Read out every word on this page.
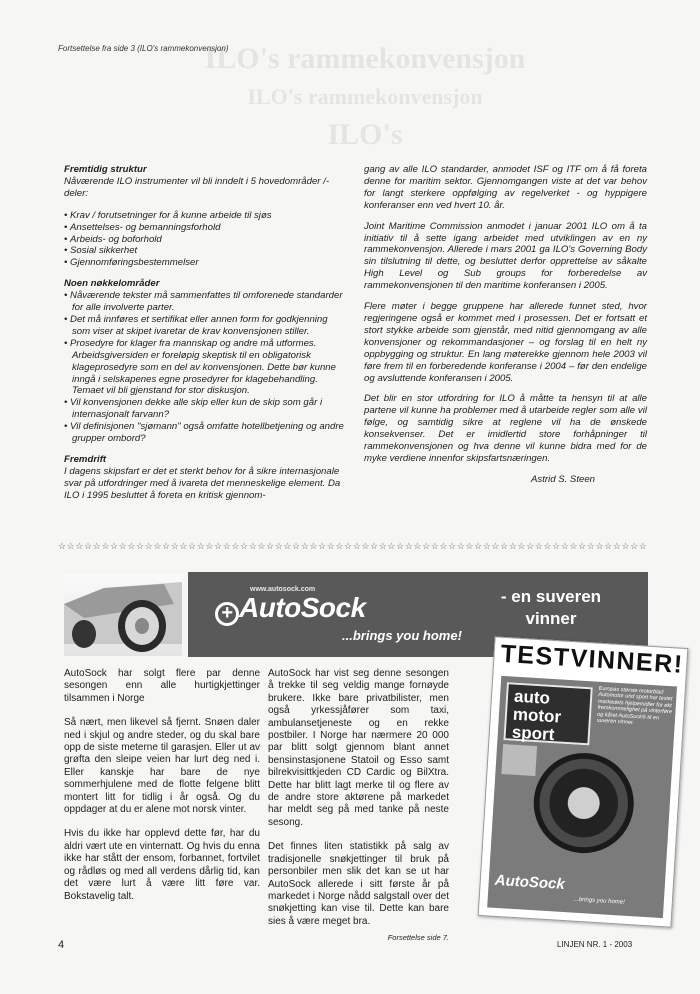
Fortsettelse fra side 3 (ILO's rammekonvensjon)
ILO's rammekonvensjon
ILO's rammekonvensjon
ILO's
Fremtidig struktur

Nåværende ILO instrumenter vil bli inndelt i 5 hovedområder /-deler:

• Krav / forutsetninger for å kunne arbeide til sjøs
• Ansettelses- og bemanningsforhold
• Arbeids- og boforhold
• Sosial sikkerhet
• Gjennomføringsbestemmelser
Noen nøkkelområder
• Nåværende tekster må sammenfattes til omforenede standarder for alle involverte parter.
• Det må innføres et sertifikat eller annen form for godkjenning som viser at skipet ivaretar de krav konvensjonen stiller.
• Prosedyre for klager fra mannskap og andre må utformes. Arbeidsgiversiden er foreløpig skeptisk til en obligatorisk klageprosedyre som en del av konvensjonen. Dette bør kunne inngå i selskapenes egne prosedyrer for klagebehandling. Temaet vil bli gjenstand for stor diskusjon.
• Vil konvensjonen dekke alle skip eller kun de skip som går i internasjonalt farvann?
• Vil definisjonen "sjømann" også omfatte hotellbetjening og andre grupper ombord?
Fremdrift

I dagens skipsfart er det et sterkt behov for å sikre internasjonale svar på utfordringer med å ivareta det menneskelige element. Da ILO i 1995 besluttet å foreta en kritisk gjennom-

gang av alle ILO standarder, anmodet ISF og ITF om å få foreta denne for maritim sektor. Gjennomgangen viste at det var behov for langt sterkere oppfølging av regelverket - og hyppigere konferanser enn ved hvert 10. år.

Joint Maritime Commission anmodet i januar 2001 ILO om å ta initiativ til å sette igang arbeidet med utviklingen av en ny rammekonvensjon. Allerede i mars 2001 ga ILO's Governing Body sin tilslutning til dette, og besluttet derfor opprettelse av såkalte High Level og Sub groups for forberedelse av rammekonvensjonen til den maritime konferansen i 2005.

Flere møter i begge gruppene har allerede funnet sted, hvor regjeringene også er kommet med i prosessen. Det er fortsatt et stort stykke arbeide som gjenstår, med nitid gjennomgang av alle konvensjoner og rekommandasjoner – og forslag til en helt ny oppbygging og struktur. En lang møterekke gjennom hele 2003 vil føre frem til en forberedende konferanse i 2004 – før den endelige og avsluttende konferansen i 2005.

Det blir en stor utfordring for ILO å måtte ta hensyn til at alle partene vil kunne ha problemer med å utarbeide regler som alle vil følge, og samtidig sikre at reglene vil ha de ønskede konsekvenser. Det er imidlertid store forhåpninger til rammekonvensjonen og hva denne vil kunne bidra med for de myke verdiene innenfor skipsfartsnæringen.

Astrid S. Steen

☆☆☆☆☆☆☆☆☆☆☆☆☆☆☆☆☆☆☆☆☆☆☆☆☆☆☆☆☆☆☆☆☆☆☆☆☆☆☆☆☆☆☆☆☆☆☆☆☆☆☆☆☆☆☆☆☆☆☆☆☆☆☆☆☆☆☆☆
www.autosock.com
+ AutoSock
...brings you home!
- en suveren vinner

AutoSock har solgt flere par denne sesongen enn alle hurtigkjettinger tilsammen i Norge

Så nært, men likevel så fjernt. Snøen daler ned i skjul og andre steder, og du skal bare opp de siste meterne til garasjen. Eller ut av grøfta den sleipe veien har lurt deg ned i. Eller kanskje har bare de nye sommerhjulene med de flotte felgene blitt montert litt for tidlig i år også. Og du oppdager at du er alene mot norsk vinter.

Hvis du ikke har opplevd dette før, har du aldri vært ute en vinternatt. Og hvis du enna ikke har stått der ensom, forbannet, fortvilet og rådløs og med all verdens dårlig tid, kan det være lurt å være litt føre var. Bokstavelig talt.

AutoSock har vist seg denne sesongen å trekke til seg veldig mange fornøyde brukere. Ikke bare privatbilister, men også yrkessjåfører som taxi, ambulansetjeneste og en rekke postbiler. I Norge har nærmere 20 000 par blitt solgt gjennom blant annet bensinstasjonene Statoil og Esso samt bilrekvisittkjeden CD Cardic og BilXtra. Dette har blitt lagt merke til og flere av de andre store aktørene på markedet har meldt seg på med tanke på neste sesong.

Det finnes liten statistikk på salg av tradisjonelle snøkjettinger til bruk på personbiler men slik det kan se ut har AutoSock allerede i sitt første år på markedet i Norge nådd salgstall over det snøkjetting kan vise til. Dette kan bare sies å være meget bra.

Forsettelse side 7.
TESTVINNER!
auto motor sport
Europas største motorblad Automotor und sport har testet markedets hjelpemidler for økt fremkommelighet på vinterføre og kåret AutoSock® til en suveren vinner.
AutoSock
...brings you home!
4	LINJEN NR. 1 - 2003
